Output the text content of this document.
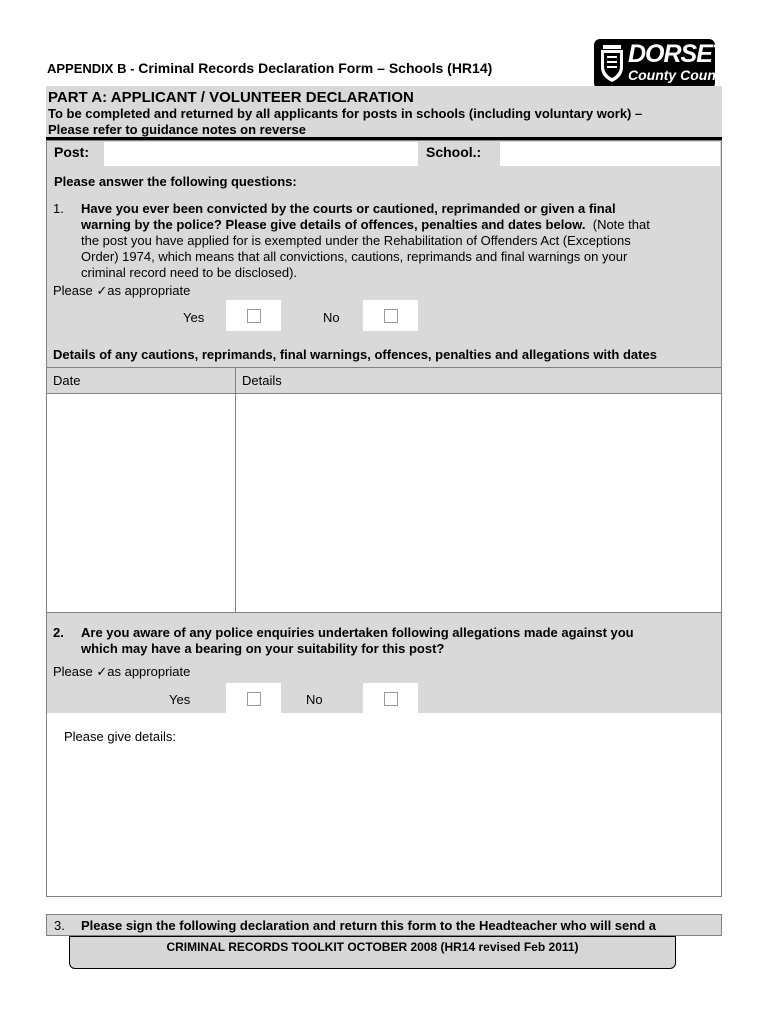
APPENDIX B - Criminal Records Declaration Form – Schools (HR14)	DORSET
County Council
PART A: APPLICANT / VOLUNTEER DECLARATION
To be completed and returned by all applicants for posts in schools (including voluntary work) –
Please refer to guidance notes on reverse
Post:	School.:
Please answer the following questions:
1. Have you ever been convicted by the courts or cautioned, reprimanded or given a final
warning by the police? Please give details of offences, penalties and dates below. (Note that
the post you have applied for is exempted under the Rehabilitation of Offenders Act (Exceptions
Order) 1974, which means that all convictions, cautions, reprimands and final warnings on your
criminal record need to be disclosed).
Please ✓as appropriate
Yes	No
Details of any cautions, reprimands, final warnings, offences, penalties and allegations with dates
Date	Details
2. Are you aware of any police enquiries undertaken following allegations made against you
which may have a bearing on your suitability for this post?
Please ✓as appropriate
Yes	No
Please give details:
3. Please sign the following declaration and return this form to the Headteacher who will send a
CRIMINAL RECORDS TOOLKIT OCTOBER 2008 (HR14 revised Feb 2011)
